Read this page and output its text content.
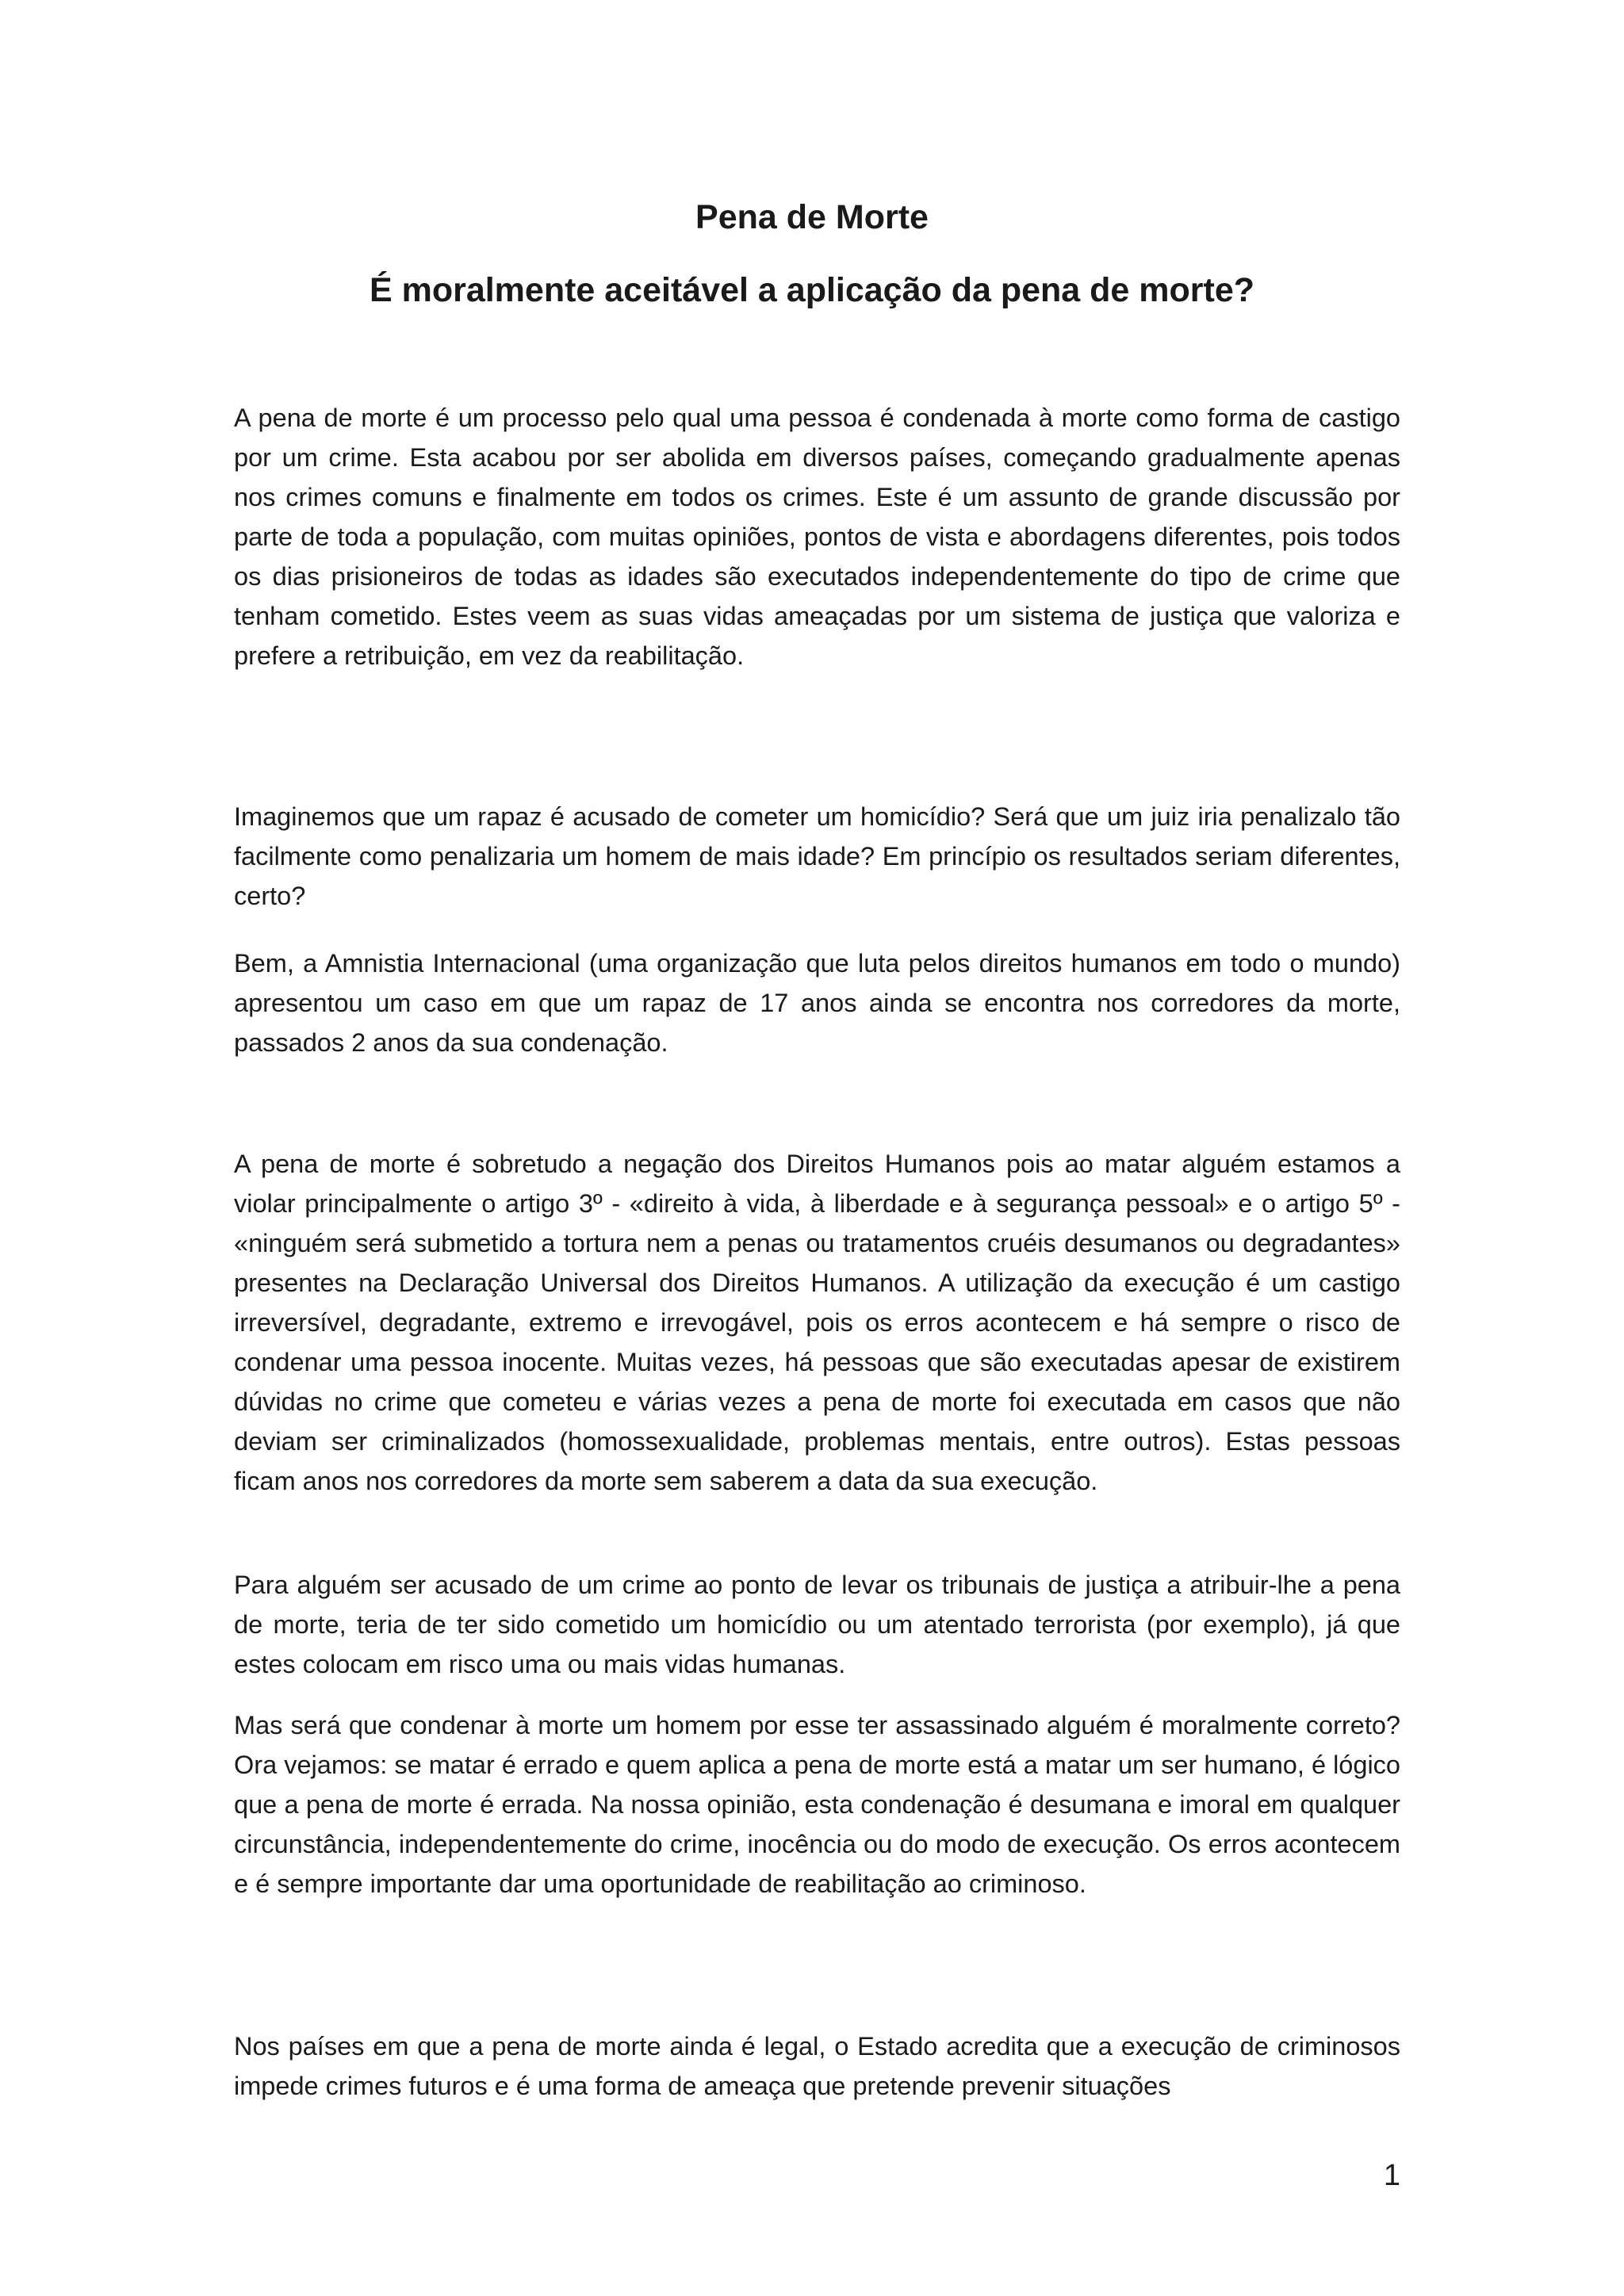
Pena de Morte
É moralmente aceitável a aplicação da pena de morte?

A pena de morte é um processo pelo qual uma pessoa é condenada à morte como forma de castigo por um crime. Esta acabou por ser abolida em diversos países, começando gradualmente apenas nos crimes comuns e finalmente em todos os crimes. Este é um assunto de grande discussão por parte de toda a população, com muitas opiniões, pontos de vista e abordagens diferentes, pois todos os dias prisioneiros de todas as idades são executados independentemente do tipo de crime que tenham cometido. Estes veem as suas vidas ameaçadas por um sistema de justiça que valoriza e prefere a retribuição, em vez da reabilitação.

Imaginemos que um rapaz é acusado de cometer um homicídio? Será que um juiz iria penalizalo tão facilmente como penalizaria um homem de mais idade? Em princípio os resultados seriam diferentes, certo?

Bem, a Amnistia Internacional (uma organização que luta pelos direitos humanos em todo o mundo) apresentou um caso em que um rapaz de 17 anos ainda se encontra nos corredores da morte, passados 2 anos da sua condenação.

A pena de morte é sobretudo a negação dos Direitos Humanos pois ao matar alguém estamos a violar principalmente o artigo 3º - «direito à vida, à liberdade e à segurança pessoal» e o artigo 5º - «ninguém será submetido a tortura nem a penas ou tratamentos cruéis desumanos ou degradantes» presentes na Declaração Universal dos Direitos Humanos. A utilização da execução é um castigo irreversível, degradante, extremo e irrevogável, pois os erros acontecem e há sempre o risco de condenar uma pessoa inocente. Muitas vezes, há pessoas que são executadas apesar de existirem dúvidas no crime que cometeu e várias vezes a pena de morte foi executada em casos que não deviam ser criminalizados (homossexualidade, problemas mentais, entre outros). Estas pessoas ficam anos nos corredores da morte sem saberem a data da sua execução.

Para alguém ser acusado de um crime ao ponto de levar os tribunais de justiça a atribuir-lhe a pena de morte, teria de ter sido cometido um homicídio ou um atentado terrorista (por exemplo), já que estes colocam em risco uma ou mais vidas humanas.

Mas será que condenar à morte um homem por esse ter assassinado alguém é moralmente correto? Ora vejamos: se matar é errado e quem aplica a pena de morte está a matar um ser humano, é lógico que a pena de morte é errada. Na nossa opinião, esta condenação é desumana e imoral em qualquer circunstância, independentemente do crime, inocência ou do modo de execução. Os erros acontecem e é sempre importante dar uma oportunidade de reabilitação ao criminoso.

Nos países em que a pena de morte ainda é legal, o Estado acredita que a execução de criminosos impede crimes futuros e é uma forma de ameaça que pretende prevenir situações

1
